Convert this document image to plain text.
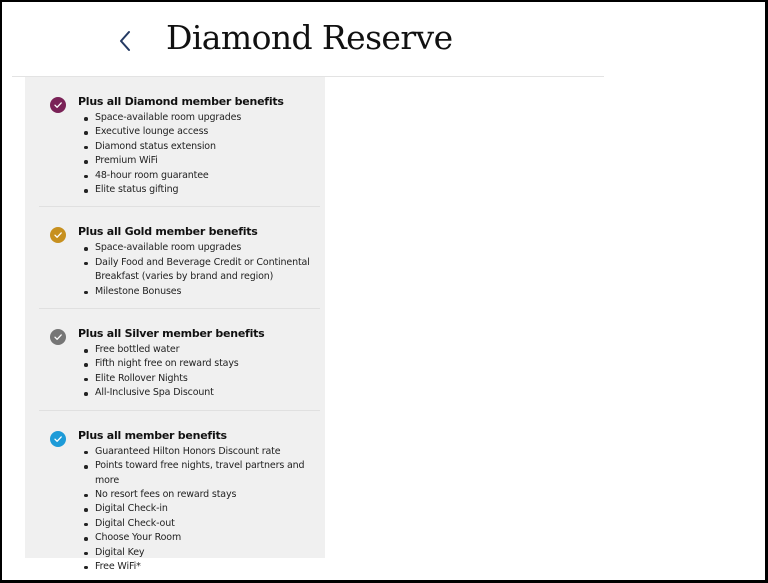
Diamond Reserve
Plus all Diamond member benefits
Space-available room upgrades
Executive lounge access
Diamond status extension
Premium WiFi
48-hour room guarantee
Elite status gifting
Plus all Gold member benefits
Space-available room upgrades
Daily Food and Beverage Credit or Continental Breakfast (varies by brand and region)
Milestone Bonuses
Plus all Silver member benefits
Free bottled water
Fifth night free on reward stays
Elite Rollover Nights
All-Inclusive Spa Discount
Plus all member benefits
Guaranteed Hilton Honors Discount rate
Points toward free nights, travel partners and more
No resort fees on reward stays
Digital Check-in
Digital Check-out
Choose Your Room
Digital Key
Free WiFi*
